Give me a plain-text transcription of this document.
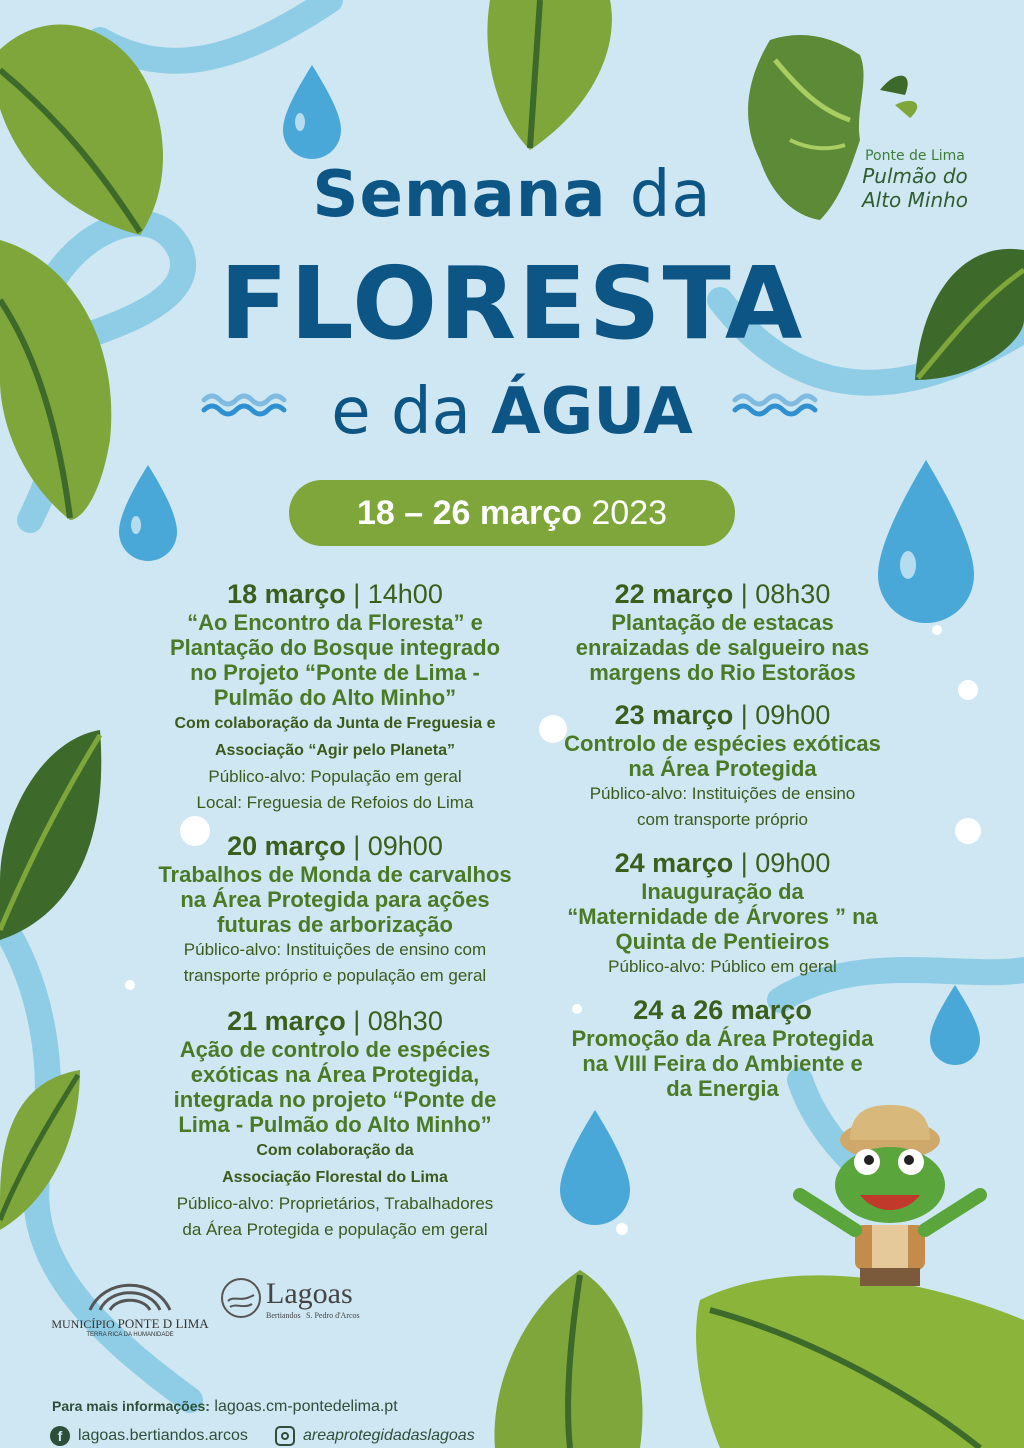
Ponte de Lima
Pulmão do
Alto Minho
Semana da
FLORESTA
e da ÁGUA
18 – 26 março 2023
18 março | 14h00
“Ao Encontro da Floresta” e
Plantação do Bosque integrado
no Projeto “Ponte de Lima -
Pulmão do Alto Minho”
Com colaboração da Junta de Freguesia e
Associação “Agir pelo Planeta”
Público-alvo: População em geral
Local: Freguesia de Refoios do Lima
20 março | 09h00
Trabalhos de Monda de carvalhos
na Área Protegida para ações
futuras de arborização
Público-alvo: Instituições de ensino com
transporte próprio e população em geral
21 março | 08h30
Ação de controlo de espécies
exóticas na Área Protegida,
integrada no projeto “Ponte de
Lima - Pulmão do Alto Minho”
Com colaboração da
Associação Florestal do Lima
Público-alvo: Proprietários, Trabalhadores
da Área Protegida e população em geral
22 março | 08h30
Plantação de estacas
enraizadas de salgueiro nas
margens do Rio Estorãos
23 março | 09h00
Controlo de espécies exóticas
na Área Protegida
Público-alvo: Instituições de ensino
com transporte próprio
24 março | 09h00
Inauguração da
“Maternidade de Árvores ” na
Quinta de Pentieiros
Público-alvo: Público em geral
24 a 26 março
Promoção da Área Protegida
na VIII Feira do Ambiente e
da Energia
MUNICÍPIO PONTE D LIMA
TERRA RICA DA HUMANIDADE
Lagoas
Bertiandos S. Pedro d'Arcos
Para mais informações: lagoas.cm-pontedelima.pt
f lagoas.bertiandos.arcos	areaprotegidadaslagoas
